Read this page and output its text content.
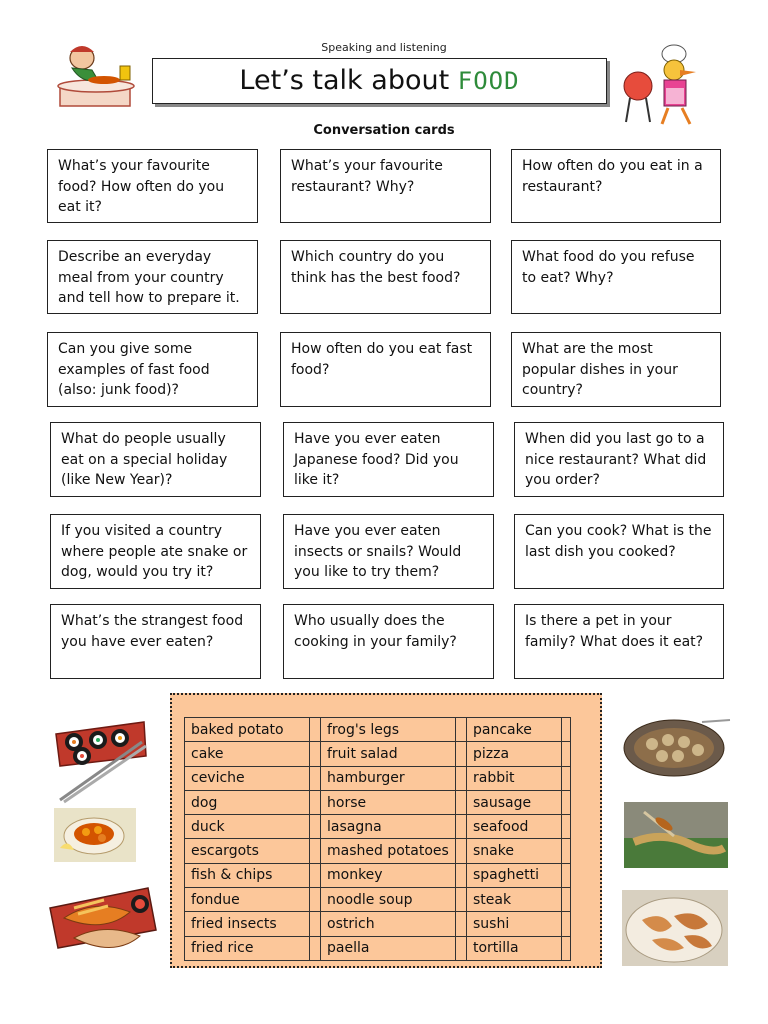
Speaking and listening
Let’s talk about FOOD
Conversation cards
What’s your favourite food? How often do you eat it?
What’s your favourite restaurant? Why?
How often do you eat in a restaurant?
Describe an everyday meal from your country and tell how to prepare it.
Which country do you think has the best food?
What food do you refuse to eat? Why?
Can you give some examples of fast food (also: junk food)?
How often do you eat fast food?
What are the most popular dishes in your country?
What do people usually eat on a special holiday (like New Year)?
Have you ever eaten Japanese food? Did you like it?
When did you last go to a nice restaurant? What did you order?
If you visited a country where people ate snake or dog, would you try it?
Have you ever eaten insects or snails? Would you like to try them?
Can you cook? What is the last dish you cooked?
What’s the strangest food you have ever eaten?
Who usually does the cooking in your family?
Is there a pet in your family? What does it eat?
baked potato		frog's legs		pancake	
cake		fruit salad		pizza	
ceviche		hamburger		rabbit	
dog		horse		sausage	
duck		lasagna		seafood	
escargots		mashed potatoes		snake	
fish & chips		monkey		spaghetti	
fondue		noodle soup		steak	
fried insects		ostrich		sushi	
fried rice		paella		tortilla	
